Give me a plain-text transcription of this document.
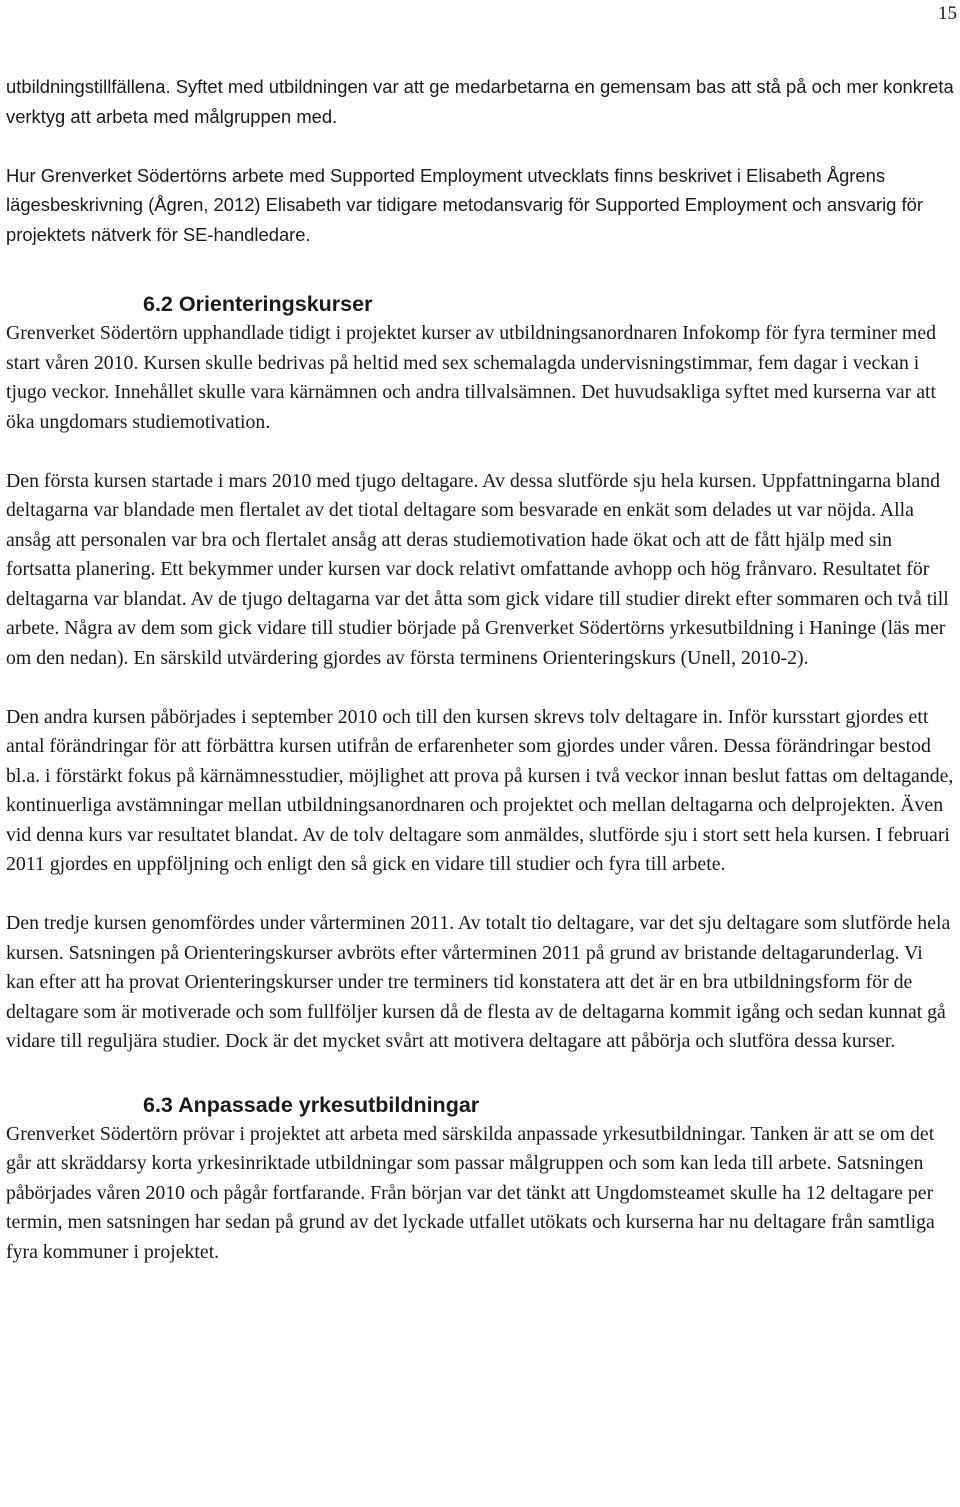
15

utbildningstillfällena. Syftet med utbildningen var att ge medarbetarna en gemensam bas att stå på och mer konkreta verktyg att arbeta med målgruppen med.

Hur Grenverket Södertörns arbete med Supported Employment utvecklats finns beskrivet i Elisabeth Ågrens lägesbeskrivning (Ågren, 2012) Elisabeth var tidigare metodansvarig för Supported Employment och ansvarig för projektets nätverk för SE-handledare.

6.2 Orienteringskurser

Grenverket Södertörn upphandlade tidigt i projektet kurser av utbildningsanordnaren Infokomp för fyra terminer med start våren 2010. Kursen skulle bedrivas på heltid med sex schemalagda undervisningstimmar, fem dagar i veckan i tjugo veckor. Innehållet skulle vara kärnämnen och andra tillvalsämnen. Det huvudsakliga syftet med kurserna var att öka ungdomars studiemotivation.

Den första kursen startade i mars 2010 med tjugo deltagare. Av dessa slutförde sju hela kursen. Uppfattningarna bland deltagarna var blandade men flertalet av det tiotal deltagare som besvarade en enkät som delades ut var nöjda. Alla ansåg att personalen var bra och flertalet ansåg att deras studiemotivation hade ökat och att de fått hjälp med sin fortsatta planering. Ett bekymmer under kursen var dock relativt omfattande avhopp och hög frånvaro. Resultatet för deltagarna var blandat. Av de tjugo deltagarna var det åtta som gick vidare till studier direkt efter sommaren och två till arbete. Några av dem som gick vidare till studier började på Grenverket Södertörns yrkesutbildning i Haninge (läs mer om den nedan). En särskild utvärdering gjordes av första terminens Orienteringskurs (Unell, 2010-2).

Den andra kursen påbörjades i september 2010 och till den kursen skrevs tolv deltagare in. Inför kursstart gjordes ett antal förändringar för att förbättra kursen utifrån de erfarenheter som gjordes under våren. Dessa förändringar bestod bl.a. i förstärkt fokus på kärnämnesstudier, möjlighet att prova på kursen i två veckor innan beslut fattas om deltagande, kontinuerliga avstämningar mellan utbildningsanordnaren och projektet och mellan deltagarna och delprojekten. Även vid denna kurs var resultatet blandat. Av de tolv deltagare som anmäldes, slutförde sju i stort sett hela kursen. I februari 2011 gjordes en uppföljning och enligt den så gick en vidare till studier och fyra till arbete.

Den tredje kursen genomfördes under vårterminen 2011. Av totalt tio deltagare, var det sju deltagare som slutförde hela kursen. Satsningen på Orienteringskurser avbröts efter vårterminen 2011 på grund av bristande deltagarunderlag. Vi kan efter att ha provat Orienteringskurser under tre terminers tid konstatera att det är en bra utbildningsform för de deltagare som är motiverade och som fullföljer kursen då de flesta av de deltagarna kommit igång och sedan kunnat gå vidare till reguljära studier. Dock är det mycket svårt att motivera deltagare att påbörja och slutföra dessa kurser.

6.3 Anpassade yrkesutbildningar

Grenverket Södertörn prövar i projektet att arbeta med särskilda anpassade yrkesutbildningar. Tanken är att se om det går att skräddarsy korta yrkesinriktade utbildningar som passar målgruppen och som kan leda till arbete. Satsningen påbörjades våren 2010 och pågår fortfarande. Från början var det tänkt att Ungdomsteamet skulle ha 12 deltagare per termin, men satsningen har sedan på grund av det lyckade utfallet utökats och kurserna har nu deltagare från samtliga fyra kommuner i projektet.
